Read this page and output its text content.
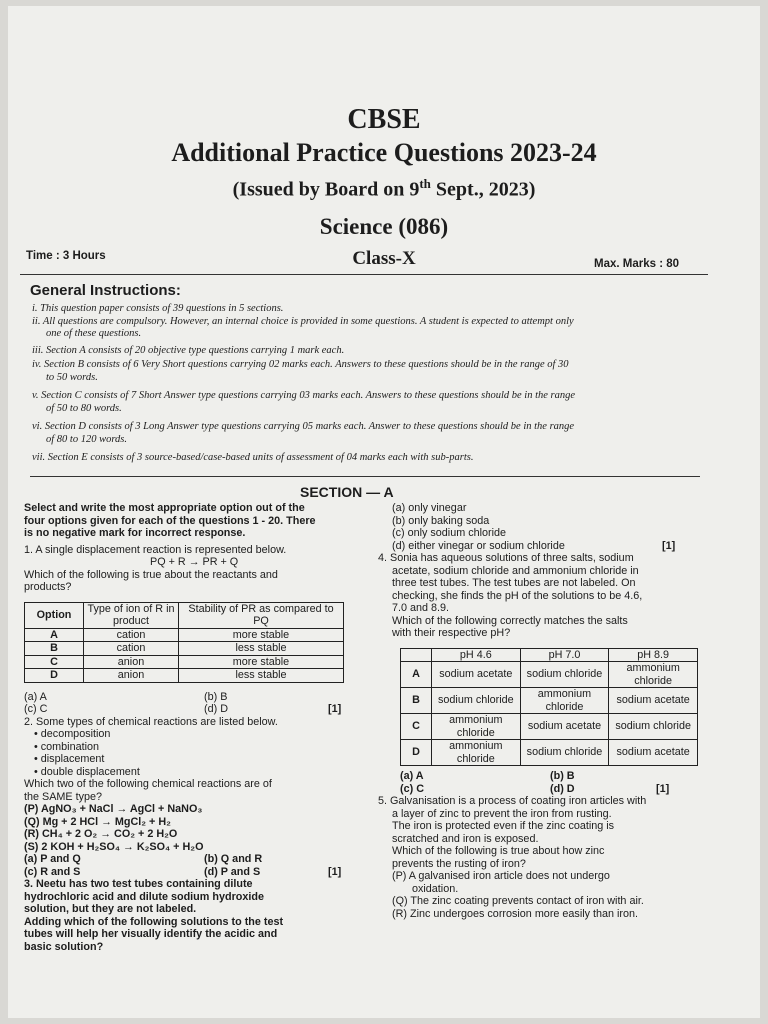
CBSE
Additional Practice Questions 2023-24
(Issued by Board on 9th Sept., 2023)
Science (086)
Time : 3 Hours	Class-X	Max. Marks : 80
General Instructions:
i. This question paper consists of 39 questions in 5 sections.
ii. All questions are compulsory. However, an internal choice is provided in some questions. A student is expected to attempt only
one of these questions.
iii. Section A consists of 20 objective type questions carrying 1 mark each.
iv. Section B consists of 6 Very Short questions carrying 02 marks each. Answers to these questions should be in the range of 30
to 50 words.
v. Section C consists of 7 Short Answer type questions carrying 03 marks each. Answers to these questions should be in the range
of 50 to 80 words.
vi. Section D consists of 3 Long Answer type questions carrying 05 marks each. Answer to these questions should be in the range
of 80 to 120 words.
vii. Section E consists of 3 source-based/case-based units of assessment of 04 marks each with sub-parts.
SECTION — A
Select and write the most appropriate option out of the
four options given for each of the questions 1 - 20. There
is no negative mark for incorrect response.
1. A single displacement reaction is represented below.
PQ + R → PR + Q
Which of the following is true about the reactants and
products?
Option	Type of ion of R in product	Stability of PR as compared to PQ
A	cation	more stable
B	cation	less stable
C	anion	more stable
D	anion	less stable
(a) A	(b) B
(c) C	(d) D	[1]
2. Some types of chemical reactions are listed below.
• decomposition
• combination
• displacement
• double displacement
Which two of the following chemical reactions are of
the SAME type?
(P) AgNO₃ + NaCl → AgCl + NaNO₃
(Q) Mg + 2 HCl → MgCl₂ + H₂
(R) CH₄ + 2 O₂ → CO₂ + 2 H₂O
(S) 2 KOH + H₂SO₄ → K₂SO₄ + H₂O
(a) P and Q	(b) Q and R
(c) R and S	(d) P and S	[1]
3. Neetu has two test tubes containing dilute
hydrochloric acid and dilute sodium hydroxide
solution, but they are not labeled.
Adding which of the following solutions to the test
tubes will help her visually identify the acidic and
basic solution?
(a) only vinegar
(b) only baking soda
(c) only sodium chloride
(d) either vinegar or sodium chloride	[1]
4. Sonia has aqueous solutions of three salts, sodium
acetate, sodium chloride and ammonium chloride in
three test tubes. The test tubes are not labeled. On
checking, she finds the pH of the solutions to be 4.6,
7.0 and 8.9.
Which of the following correctly matches the salts
with their respective pH?
	pH 4.6	pH 7.0	pH 8.9
A	sodium acetate	sodium chloride	ammonium chloride
B	sodium chloride	ammonium chloride	sodium acetate
C	ammonium chloride	sodium acetate	sodium chloride
D	ammonium chloride	sodium chloride	sodium acetate
(a) A	(b) B
(c) C	(d) D	[1]
5. Galvanisation is a process of coating iron articles with
a layer of zinc to prevent the iron from rusting.
The iron is protected even if the zinc coating is
scratched and iron is exposed.
Which of the following is true about how zinc
prevents the rusting of iron?
(P) A galvanised iron article does not undergo
oxidation.
(Q) The zinc coating prevents contact of iron with air.
(R) Zinc undergoes corrosion more easily than iron.
